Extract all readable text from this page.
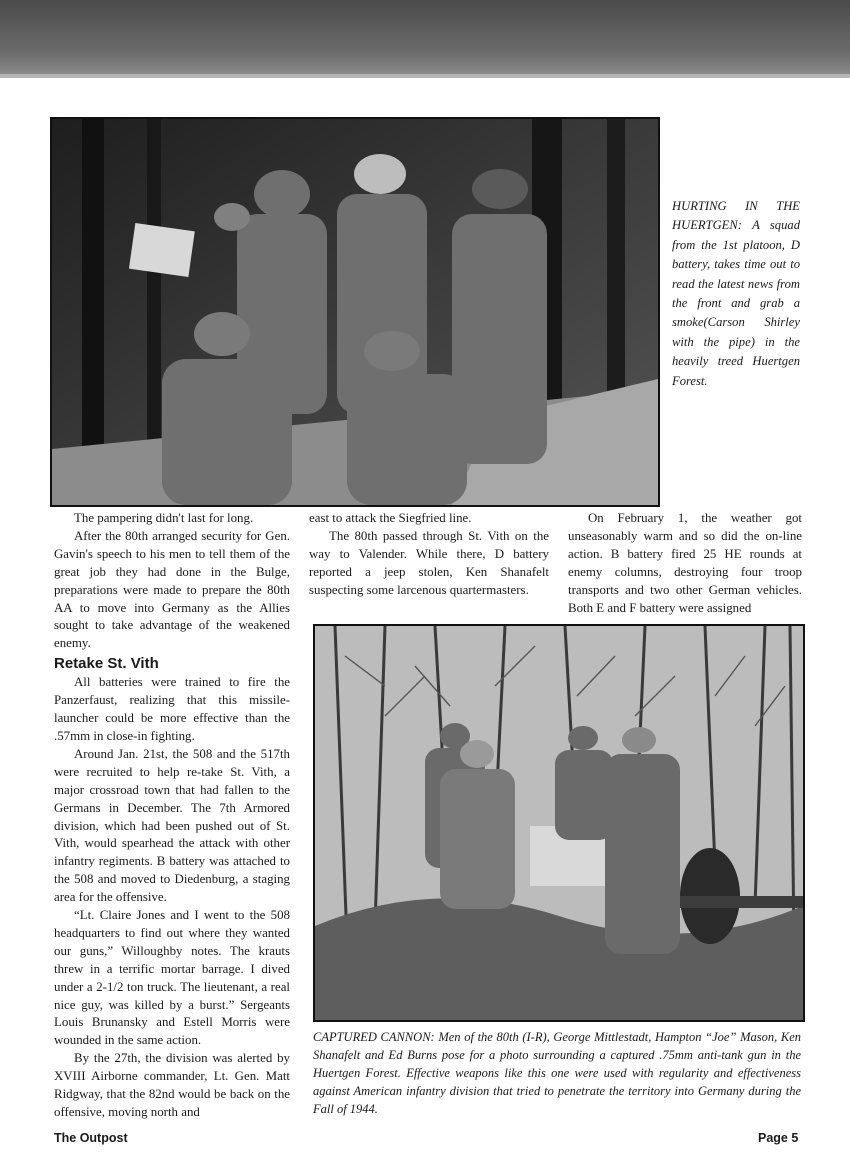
HURTING IN THE HUERTGEN: A squad from the 1st platoon, D battery, takes time out to read the latest news from the front and grab a smoke(Carson Shirley with the pipe) in the heavily treed Huertgen Forest.
CAPTURED CANNON: Men of the 80th (I-R), George Mittlestadt, Hampton “Joe” Mason, Ken Shanafelt and Ed Burns pose for a photo surrounding a captured .75mm anti-tank gun in the Huertgen Forest. Effective weapons like this one were used with regularity and effectiveness against American infantry division that tried to penetrate the territory into Germany during the Fall of 1944.

The pampering didn't last for long.

After the 80th arranged security for Gen. Gavin's speech to his men to tell them of the great job they had done in the Bulge, preparations were made to prepare the 80th AA to move into Germany as the Allies sought to take advantage of the weakened enemy.

Retake St. Vith

All batteries were trained to fire the Panzerfaust, realizing that this missile-launcher could be more effective than the .57mm in close-in fighting.

Around Jan. 21st, the 508 and the 517th were recruited to help re-take St. Vith, a major crossroad town that had fallen to the Germans in December. The 7th Armored division, which had been pushed out of St. Vith, would spearhead the attack with other infantry regiments. B battery was attached to the 508 and moved to Diedenburg, a staging area for the offensive.

“Lt. Claire Jones and I went to the 508 headquarters to find out where they wanted our guns,” Willoughby notes. The krauts threw in a terrific mortar barrage. I dived under a 2-1/2 ton truck. The lieutenant, a real nice guy, was killed by a burst.” Sergeants Louis Brunansky and Estell Morris were wounded in the same action.

By the 27th, the division was alerted by XVIII Airborne commander, Lt. Gen. Matt Ridgway, that the 82nd would be back on the offensive, moving north and

east to attack the Siegfried line.

The 80th passed through St. Vith on the way to Valender. While there, D battery reported a jeep stolen, Ken Shanafelt suspecting some larcenous quartermasters.

On February 1, the weather got unseasonably warm and so did the on-line action. B battery fired 25 HE rounds at enemy columns, destroying four troop transports and two other German vehicles. Both E and F battery were assigned

The Outpost	Page 5
